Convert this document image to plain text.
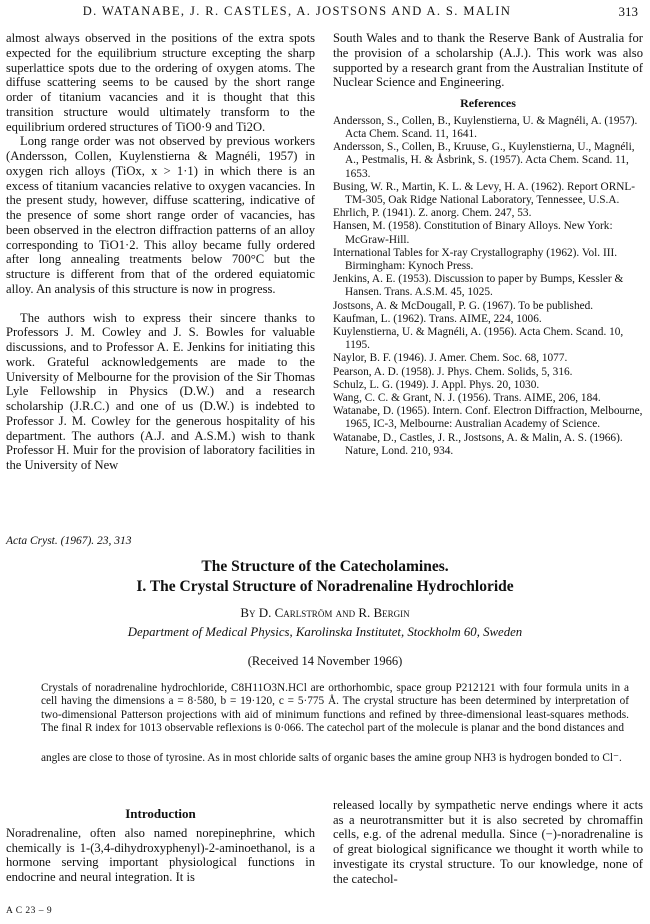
D. WATANABE, J. R. CASTLES, A. JOSTSONS AND A. S. MALIN	313

almost always observed in the positions of the extra spots expected for the equilibrium structure excepting the sharp superlattice spots due to the ordering of oxygen atoms. The diffuse scattering seems to be caused by the short range order of titanium vacancies and it is thought that this transition structure would ultimately transform to the equilibrium ordered structures of TiO0·9 and Ti2O.

Long range order was not observed by previous workers (Andersson, Collen, Kuylenstierna & Magnéli, 1957) in oxygen rich alloys (TiOx, x > 1·1) in which there is an excess of titanium vacancies relative to oxygen vacancies. In the present study, however, diffuse scattering, indicative of the presence of some short range order of vacancies, has been observed in the electron diffraction patterns of an alloy corresponding to TiO1·2. This alloy became fully ordered after long annealing treatments below 700°C but the structure is different from that of the ordered equiatomic alloy. An analysis of this structure is now in progress.

The authors wish to express their sincere thanks to Professors J. M. Cowley and J. S. Bowles for valuable discussions, and to Professor A. E. Jenkins for initiating this work. Grateful acknowledgements are made to the University of Melbourne for the provision of the Sir Thomas Lyle Fellowship in Physics (D.W.) and a research scholarship (J.R.C.) and one of us (D.W.) is indebted to Professor J. M. Cowley for the generous hospitality of his department. The authors (A.J. and A.S.M.) wish to thank Professor H. Muir for the provision of laboratory facilities in the University of New

South Wales and to thank the Reserve Bank of Australia for the provision of a scholarship (A.J.). This work was also supported by a research grant from the Australian Institute of Nuclear Science and Engineering.

References

Andersson, S., Collen, B., Kuylenstierna, U. & Magnéli, A. (1957). Acta Chem. Scand. 11, 1641.

Andersson, S., Collen, B., Kruuse, G., Kuylenstierna, U., Magnéli, A., Pestmalis, H. & Åsbrink, S. (1957). Acta Chem. Scand. 11, 1653.

Busing, W. R., Martin, K. L. & Levy, H. A. (1962). Report ORNL-TM-305, Oak Ridge National Laboratory, Tennessee, U.S.A.

Ehrlich, P. (1941). Z. anorg. Chem. 247, 53.

Hansen, M. (1958). Constitution of Binary Alloys. New York: McGraw-Hill.

International Tables for X-ray Crystallography (1962). Vol. III. Birmingham: Kynoch Press.

Jenkins, A. E. (1953). Discussion to paper by Bumps, Kessler & Hansen. Trans. A.S.M. 45, 1025.

Jostsons, A. & McDougall, P. G. (1967). To be published.

Kaufman, L. (1962). Trans. AIME, 224, 1006.

Kuylenstierna, U. & Magnéli, A. (1956). Acta Chem. Scand. 10, 1195.

Naylor, B. F. (1946). J. Amer. Chem. Soc. 68, 1077.

Pearson, A. D. (1958). J. Phys. Chem. Solids, 5, 316.

Schulz, L. G. (1949). J. Appl. Phys. 20, 1030.

Wang, C. C. & Grant, N. J. (1956). Trans. AIME, 206, 184.

Watanabe, D. (1965). Intern. Conf. Electron Diffraction, Melbourne, 1965, IC-3, Melbourne: Australian Academy of Science.

Watanabe, D., Castles, J. R., Jostsons, A. & Malin, A. S. (1966). Nature, Lond. 210, 934.

Acta Cryst. (1967). 23, 313
The Structure of the Catecholamines.
I. The Crystal Structure of Noradrenaline Hydrochloride
By D. Carlström and R. Bergin
Department of Medical Physics, Karolinska Institutet, Stockholm 60, Sweden
(Received 14 November 1966)

Crystals of noradrenaline hydrochloride, C8H11O3N.HCl are orthorhombic, space group P212121 with four formula units in a cell having the dimensions a = 8·580, b = 19·120, c = 5·775 Å. The crystal structure has been determined by interpretation of two-dimensional Patterson projections with aid of minimum functions and refined by three-dimensional least-squares methods. The final R index for 1013 observable reflexions is 0·066. The catechol part of the molecule is planar and the bond distances and

angles are close to those of tyrosine. As in most chloride salts of organic bases the amine group NH3 is hydrogen bonded to Cl⁻.

Introduction

Noradrenaline, often also named norepinephrine, which chemically is 1-(3,4-dihydroxyphenyl)-2-aminoethanol, is a hormone serving important physiological functions in endocrine and neural integration. It is

released locally by sympathetic nerve endings where it acts as a neurotransmitter but it is also secreted by chromaffin cells, e.g. of the adrenal medulla. Since (−)-noradrenaline is of great biological significance we thought it worth while to investigate its crystal structure. To our knowledge, none of the catechol-

A C 23 – 9
